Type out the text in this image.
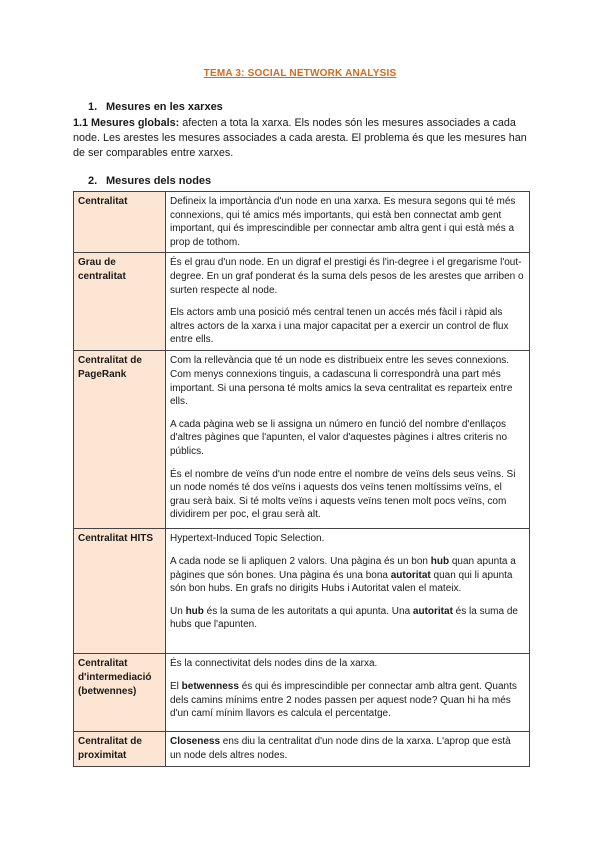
TEMA 3: SOCIAL NETWORK ANALYSIS
1. Mesures en les xarxes
1.1 Mesures globals: afecten a tota la xarxa. Els nodes són les mesures associades a cada node. Les arestes les mesures associades a cada aresta. El problema és que les mesures han de ser comparables entre xarxes.
2. Mesures dels nodes
Centralitat	Defineix la importància d'un node en una xarxa. Es mesura segons qui té més connexions, qui té amics més importants, qui està ben connectat amb gent important, qui és imprescindible per connectar amb altra gent i qui està més a prop de tothom.

Grau de centralitat	És el grau d'un node. En un digraf el prestigi és l'in-degree i el gregarisme l'out-degree. En un graf ponderat és la suma dels pesos de les arestes que arriben o surten respecte al node.

Els actors amb una posició més central tenen un accés més fàcil i ràpid als altres actors de la xarxa i una major capacitat per a exercir un control de flux entre ells.

Centralitat de PageRank	Com la rellevància que té un node es distribueix entre les seves connexions. Com menys connexions tinguis, a cadascuna li correspondrà una part més important. Si una persona té molts amics la seva centralitat es reparteix entre ells.

A cada pàgina web se li assigna un número en funció del nombre d'enllaços d'altres pàgines que l'apunten, el valor d'aquestes pàgines i altres criteris no públics.

És el nombre de veïns d'un node entre el nombre de veïns dels seus veïns. Si un node només té dos veïns i aquests dos veïns tenen moltíssims veïns, el grau serà baix. Si té molts veïns i aquests veïns tenen molt pocs veïns, com dividirem per poc, el grau serà alt.

Centralitat HITS	Hypertext-Induced Topic Selection.

A cada node se li apliquen 2 valors. Una pàgina és un bon hub quan apunta a pàgines que són bones. Una pàgina és una bona autoritat quan qui li apunta són bon hubs. En grafs no dirigits Hubs i Autoritat valen el mateix.

Un hub és la suma de les autoritats a qui apunta. Una autoritat és la suma de hubs que l'apunten.

Centralitat d'intermediació (betwennes)	És la connectivitat dels nodes dins de la xarxa.

El betwenness és qui és imprescindible per connectar amb altra gent. Quants dels camins mínims entre 2 nodes passen per aquest node? Quan hi ha més d'un camí mínim llavors es calcula el percentatge.

Centralitat de proximitat	Closeness ens diu la centralitat d'un node dins de la xarxa. L'aprop que està un node dels altres nodes.
